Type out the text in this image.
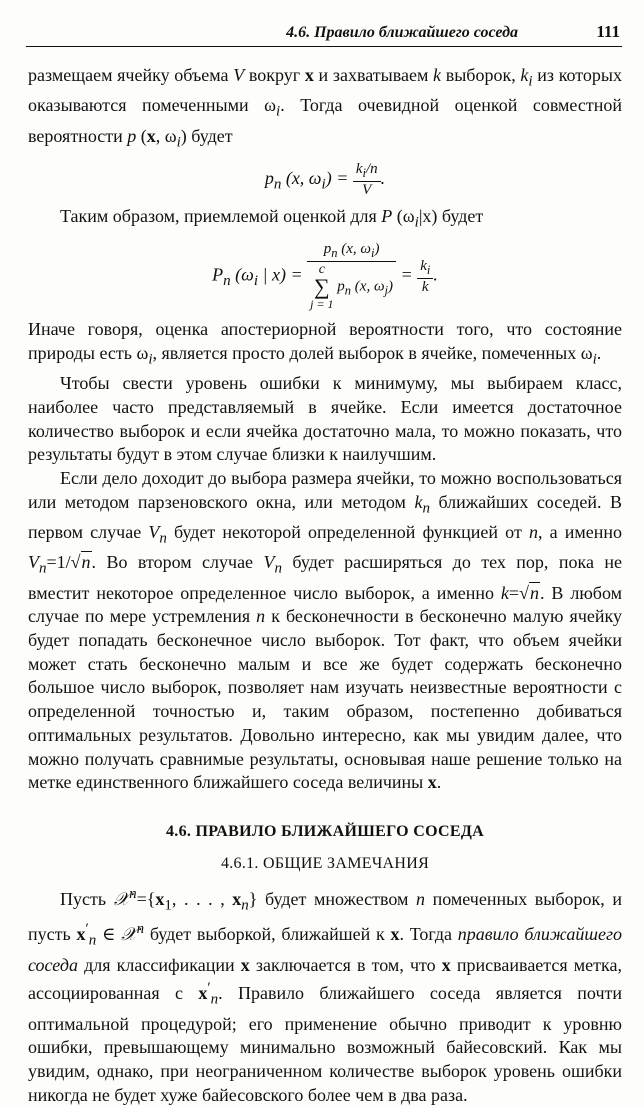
4.6. Правило ближайшего соседа	111

размещаем ячейку объема V вокруг x и захватываем k выборок, $k_i$ из которых оказываются помеченными $\omega_i$. Тогда очевидной оценкой совместной вероятности p (x, $\omega_i$) будет

$p_n$ (x, $\omega_i) = \frac{k_i/n}{V}$ .

Таким образом, приемлемой оценкой для P $(\omega_i|x)$ будет

$P_n$ ($\omega_i$ | $x) = p_n$ (x, $\omega_i$)
c
∑
j = 1
$p_n$ (x, $\omega_j) = \frac{k_i}{k}$ .

Иначе говоря, оценка апостериорной вероятности того, что состояние природы есть $\omega_i$, является просто долей выборок в ячейке, помеченных $\omega_i$.

Чтобы свести уровень ошибки к минимуму, мы выбираем класс, наиболее часто представляемый в ячейке. Если имеется достаточное количество выборок и если ячейка достаточно мала, то можно показать, что результаты будут в этом случае близки к наилучшим.

Если дело доходит до выбора размера ячейки, то можно воспользоваться или методом парзеновского окна, или методом $k_n$ ближайших соседей. В первом случае $V_n$ будет некоторой определенной функцией от n, а именно $V_n=1/√n$. Во втором случае $V_n$ будет расширяться до тех пор, пока не вместит некоторое определенное число выборок, а именно k=√n. В любом случае по мере устремления n к бесконечности в бесконечно малую ячейку будет попадать бесконечное число выборок. Тот факт, что объем ячейки может стать бесконечно малым и все же будет содержать бесконечно большое число выборок, позволяет нам изучать неизвестные вероятности с определенной точностью и, таким образом, постепенно добиваться оптимальных результатов. Довольно интересно, как мы увидим далее, что можно получать сравнимые результаты, основывая наше решение только на метке единственного ближайшего соседа величины x.

4.6. ПРАВИЛО БЛИЖАЙШЕГО СОСЕДА
4.6.1. ОБЩИЕ ЗАМЕЧАНИЯ

Пусть $𝒳^n=\{x_1$, . . . , $x_n$} будет множеством n помеченных выборок, и пусть $x'_n$ ∈ 𝒳$^n$ будет выборкой, ближайшей к x. Тогда правило ближайшего соседа для классификации x заключается в том, что x присваивается метка, ассоциированная с $x'_n$. Правило ближайшего соседа является почти оптимальной процедурой; его применение обычно приводит к уровню ошибки, превышающему минимально возможный байесовский. Как мы увидим, однако, при неограниченном количестве выборок уровень ошибки никогда не будет хуже байесовского более чем в два раза.
